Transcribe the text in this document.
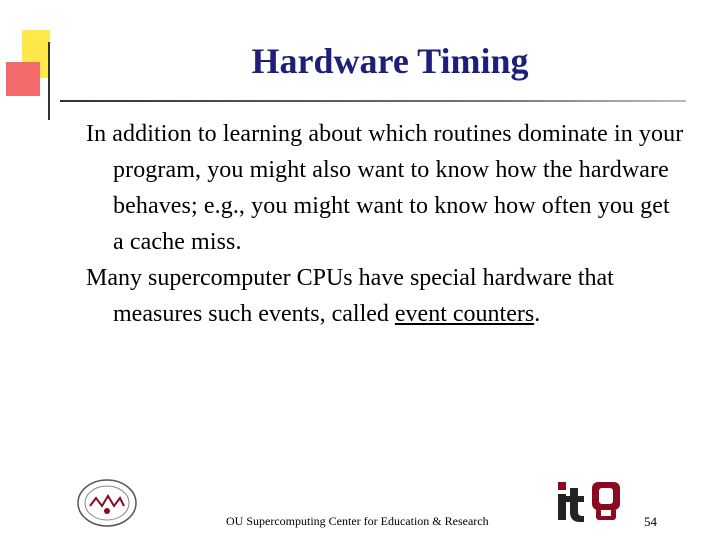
Hardware Timing

In addition to learning about which routines dominate in your program, you might also want to know how the hardware behaves; e.g., you might want to know how often you get a cache miss.

Many supercomputer CPUs have special hardware that measures such events, called event counters.

OU Supercomputing Center for Education & Research	54
